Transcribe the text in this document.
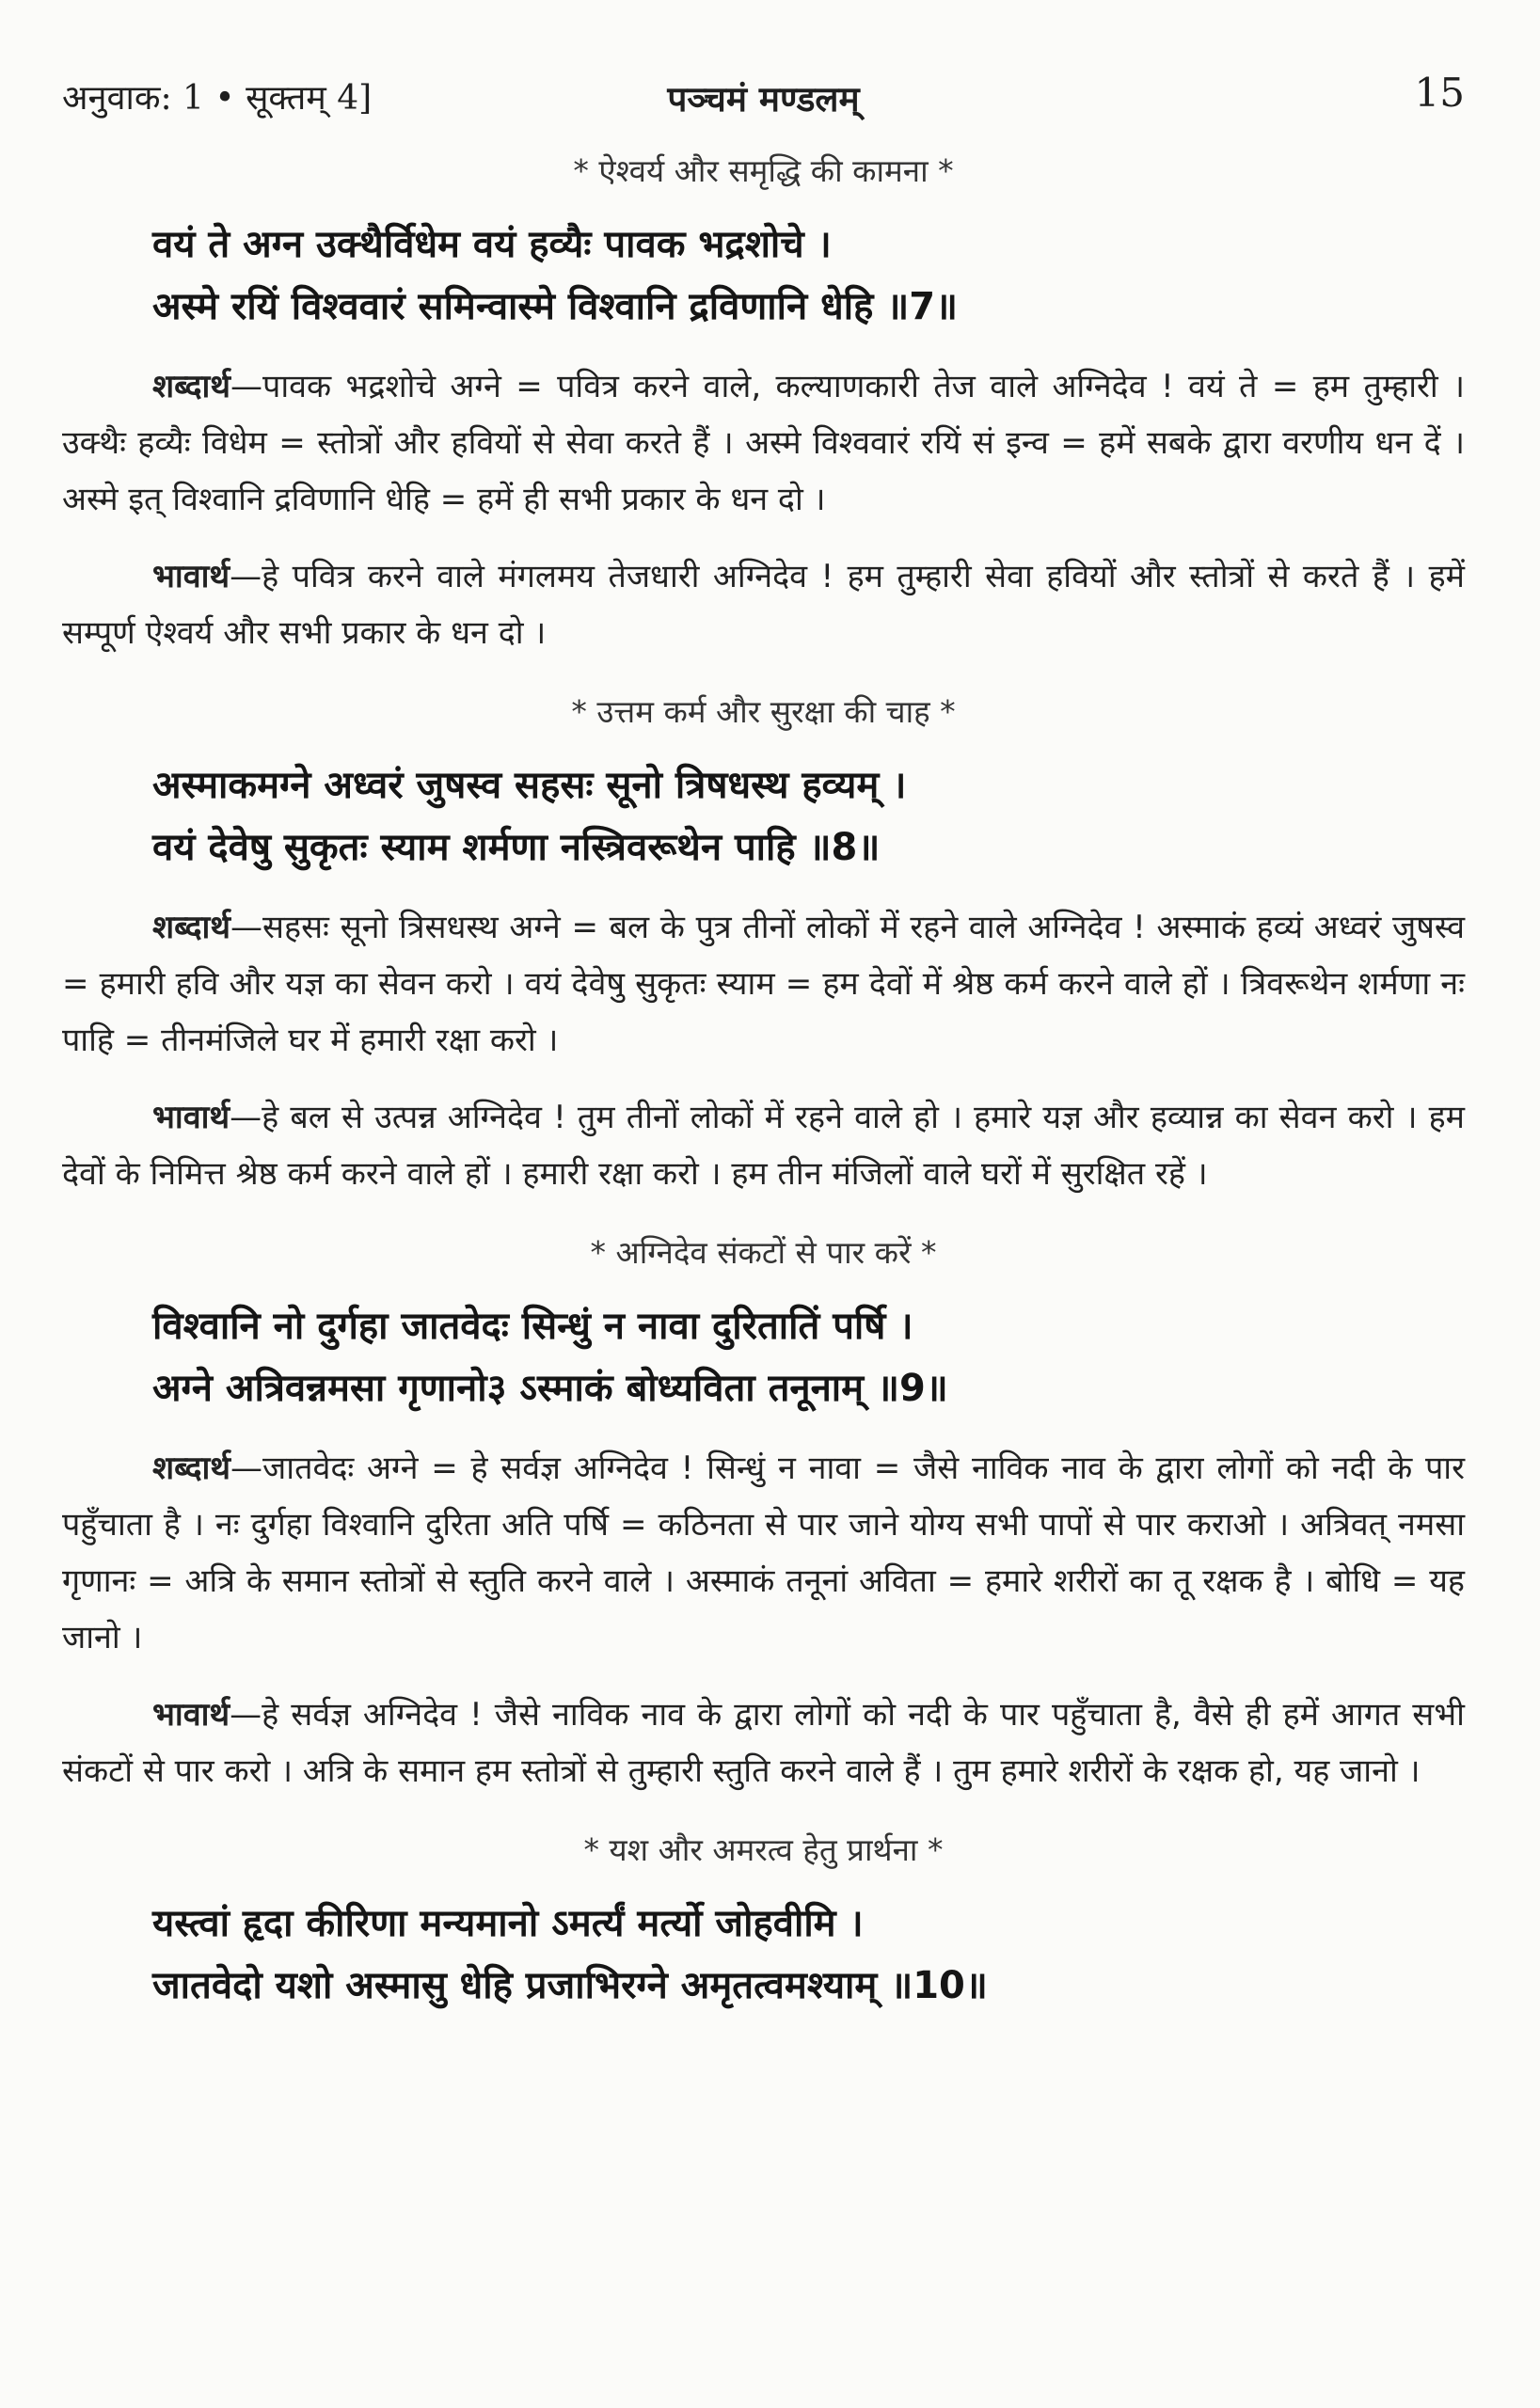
अनुवाक: 1 • सूक्तम् 4]	पञ्चमं मण्डलम्	15
* ऐश्वर्य और समृद्धि की कामना *
वयं ते अग्न उक्थैर्विधेम वयं हव्यैः पावक भद्रशोचे ।
अस्मे रयिं विश्ववारं समिन्वास्मे विश्वानि द्रविणानि धेहि ॥7॥

शब्दार्थ—पावक भद्रशोचे अग्ने = पवित्र करने वाले, कल्याणकारी तेज वाले अग्निदेव ! वयं ते = हम तुम्हारी । उक्थैः हव्यैः विधेम = स्तोत्रों और हवियों से सेवा करते हैं । अस्मे विश्ववारं रयिं सं इन्व = हमें सबके द्वारा वरणीय धन दें । अस्मे इत् विश्वानि द्रविणानि धेहि = हमें ही सभी प्रकार के धन दो ।

भावार्थ—हे पवित्र करने वाले मंगलमय तेजधारी अग्निदेव ! हम तुम्हारी सेवा हवियों और स्तोत्रों से करते हैं । हमें सम्पूर्ण ऐश्वर्य और सभी प्रकार के धन दो ।

* उत्तम कर्म और सुरक्षा की चाह *
अस्माकमग्ने अध्वरं जुषस्व सहसः सूनो त्रिषधस्थ हव्यम् ।
वयं देवेषु सुकृतः स्याम शर्मणा नस्त्रिवरूथेन पाहि ॥8॥

शब्दार्थ—सहसः सूनो त्रिसधस्थ अग्ने = बल के पुत्र तीनों लोकों में रहने वाले अग्निदेव ! अस्माकं हव्यं अध्वरं जुषस्व = हमारी हवि और यज्ञ का सेवन करो । वयं देवेषु सुकृतः स्याम = हम देवों में श्रेष्ठ कर्म करने वाले हों । त्रिवरूथेन शर्मणा नः पाहि = तीनमंजिले घर में हमारी रक्षा करो ।

भावार्थ—हे बल से उत्पन्न अग्निदेव ! तुम तीनों लोकों में रहने वाले हो । हमारे यज्ञ और हव्यान्न का सेवन करो । हम देवों के निमित्त श्रेष्ठ कर्म करने वाले हों । हमारी रक्षा करो । हम तीन मंजिलों वाले घरों में सुरक्षित रहें ।

* अग्निदेव संकटों से पार करें *
विश्वानि नो दुर्गहा जातवेदः सिन्धुं न नावा दुरितातिं पर्षि ।
अग्ने अत्रिवन्नमसा गृणानो३ ऽस्माकं बोध्यविता तनूनाम् ॥9॥

शब्दार्थ—जातवेदः अग्ने = हे सर्वज्ञ अग्निदेव ! सिन्धुं न नावा = जैसे नाविक नाव के द्वारा लोगों को नदी के पार पहुँचाता है । नः दुर्गहा विश्वानि दुरिता अति पर्षि = कठिनता से पार जाने योग्य सभी पापों से पार कराओ । अत्रिवत् नमसा गृणानः = अत्रि के समान स्तोत्रों से स्तुति करने वाले । अस्माकं तनूनां अविता = हमारे शरीरों का तू रक्षक है । बोधि = यह जानो ।

भावार्थ—हे सर्वज्ञ अग्निदेव ! जैसे नाविक नाव के द्वारा लोगों को नदी के पार पहुँचाता है, वैसे ही हमें आगत सभी संकटों से पार करो । अत्रि के समान हम स्तोत्रों से तुम्हारी स्तुति करने वाले हैं । तुम हमारे शरीरों के रक्षक हो, यह जानो ।

* यश और अमरत्व हेतु प्रार्थना *
यस्त्वां हृदा कीरिणा मन्यमानो ऽमर्त्यं मर्त्यो जोहवीमि ।
जातवेदो यशो अस्मासु धेहि प्रजाभिरग्ने अमृतत्वमश्याम् ॥10॥
